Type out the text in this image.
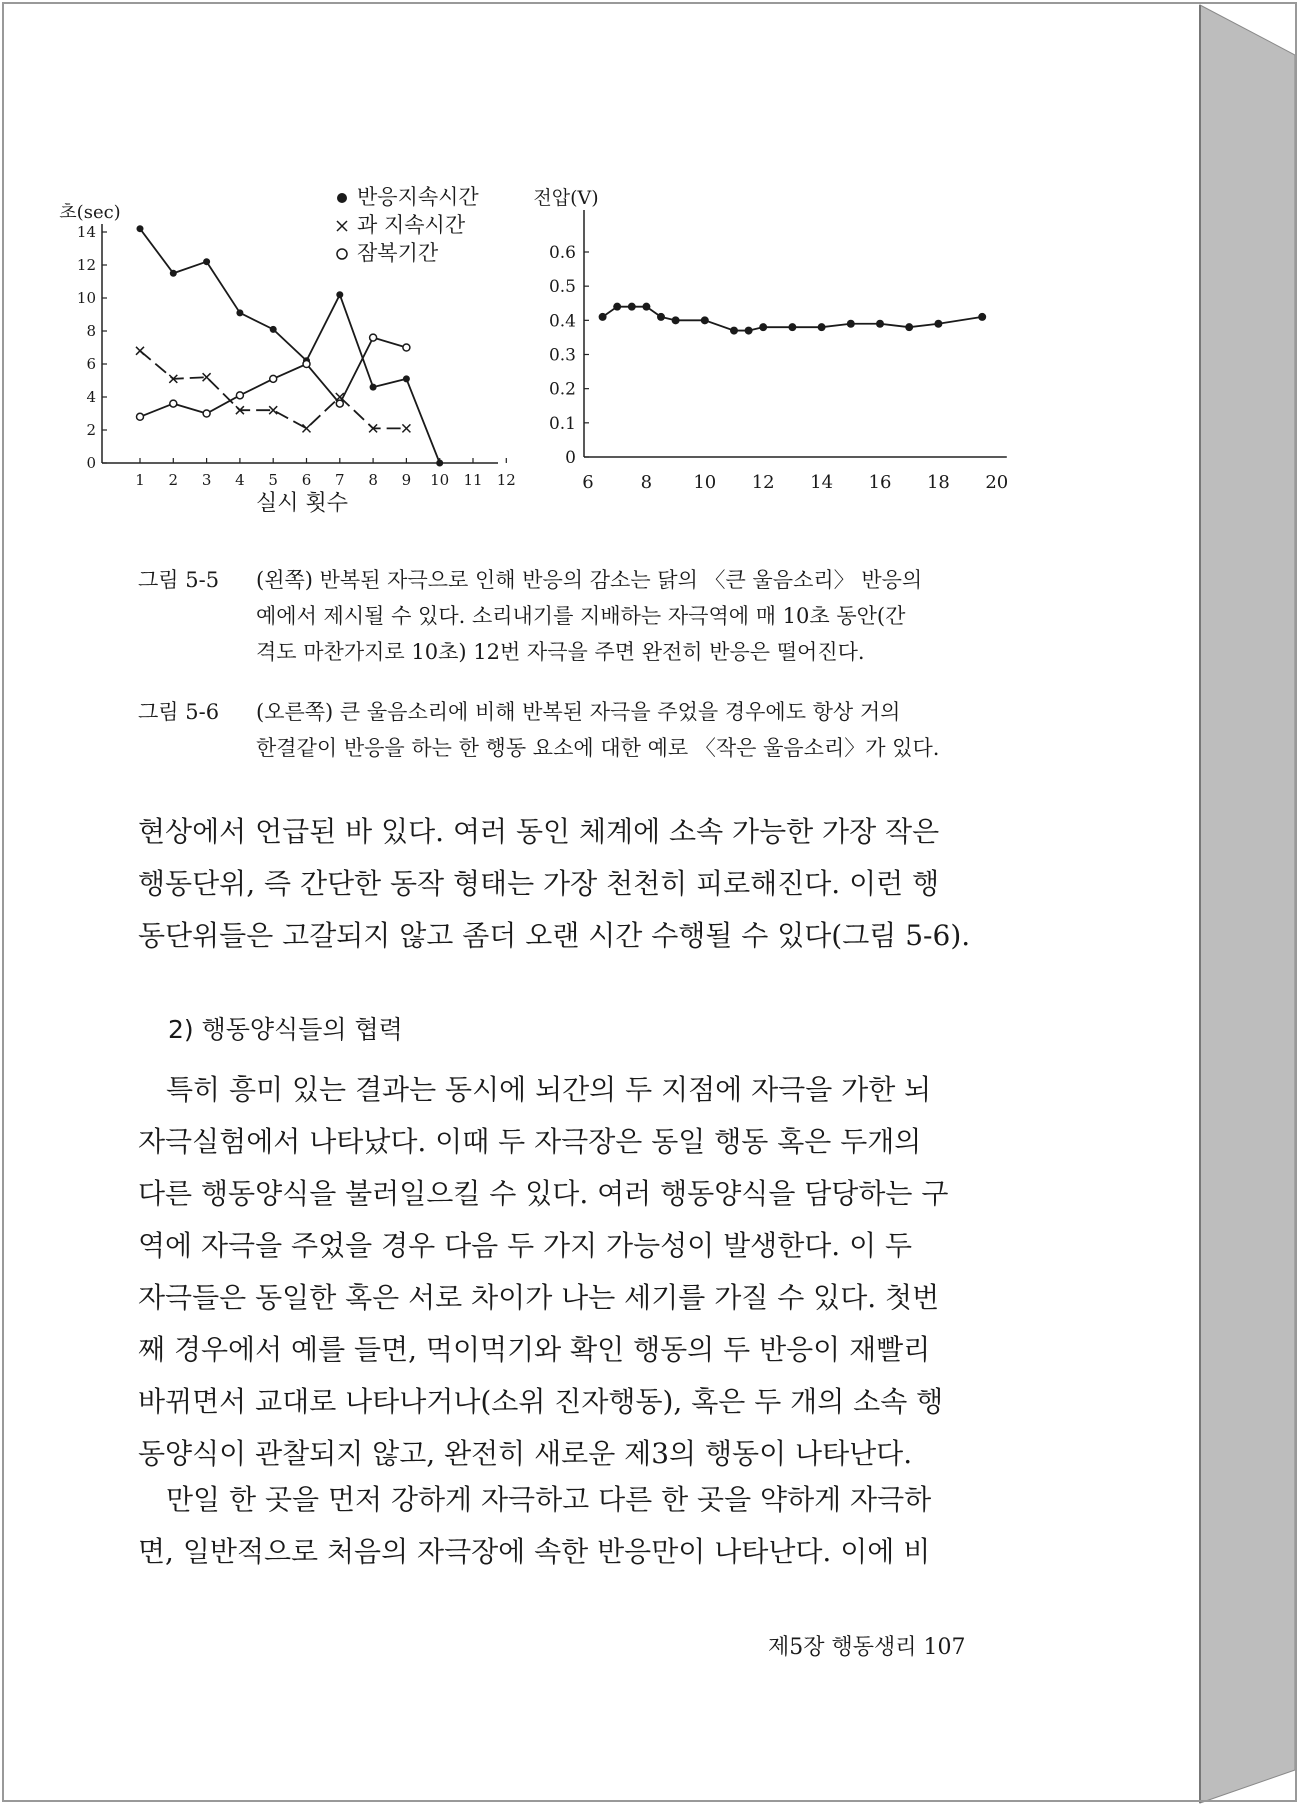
0
2
4
6
8
10
12
14
1 2 3 4 5 6 7 8 9 10 11 12
초(sec)
실시 횟수
반응지속시간
과 지속시간
잠복기간
0
0.1
0.2
0.3
0.4
0.5
0.6
6	8 10 12 14 16 18 20
전압(V)
그림 5-5 (왼쪽) 반복된 자극으로 인해 반응의 감소는 닭의 〈큰 울음소리〉 반응의
예에서 제시될 수 있다. 소리내기를 지배하는 자극역에 매 10초 동안(간
격도 마찬가지로 10초) 12번 자극을 주면 완전히 반응은 떨어진다.
그림 5-6 (오른쪽) 큰 울음소리에 비해 반복된 자극을 주었을 경우에도 항상 거의
한결같이 반응을 하는 한 행동 요소에 대한 예로 〈작은 울음소리〉가 있다.
현상에서 언급된 바 있다. 여러 동인 체계에 소속 가능한 가장 작은
행동단위, 즉 간단한 동작 형태는 가장 천천히 피로해진다. 이런 행
동단위들은 고갈되지 않고 좀더 오랜 시간 수행될 수 있다(그림 5-6).
2) 행동양식들의 협력
특히 흥미 있는 결과는 동시에 뇌간의 두 지점에 자극을 가한 뇌
자극실험에서 나타났다. 이때 두 자극장은 동일 행동 혹은 두개의
다른 행동양식을 불러일으킬 수 있다. 여러 행동양식을 담당하는 구
역에 자극을 주었을 경우 다음 두 가지 가능성이 발생한다. 이 두
자극들은 동일한 혹은 서로 차이가 나는 세기를 가질 수 있다. 첫번
째 경우에서 예를 들면, 먹이먹기와 확인 행동의 두 반응이 재빨리
바뀌면서 교대로 나타나거나(소위 진자행동), 혹은 두 개의 소속 행
동양식이 관찰되지 않고, 완전히 새로운 제3의 행동이 나타난다.
만일 한 곳을 먼저 강하게 자극하고 다른 한 곳을 약하게 자극하
면, 일반적으로 처음의 자극장에 속한 반응만이 나타난다. 이에 비
제5장 행동생리 107
